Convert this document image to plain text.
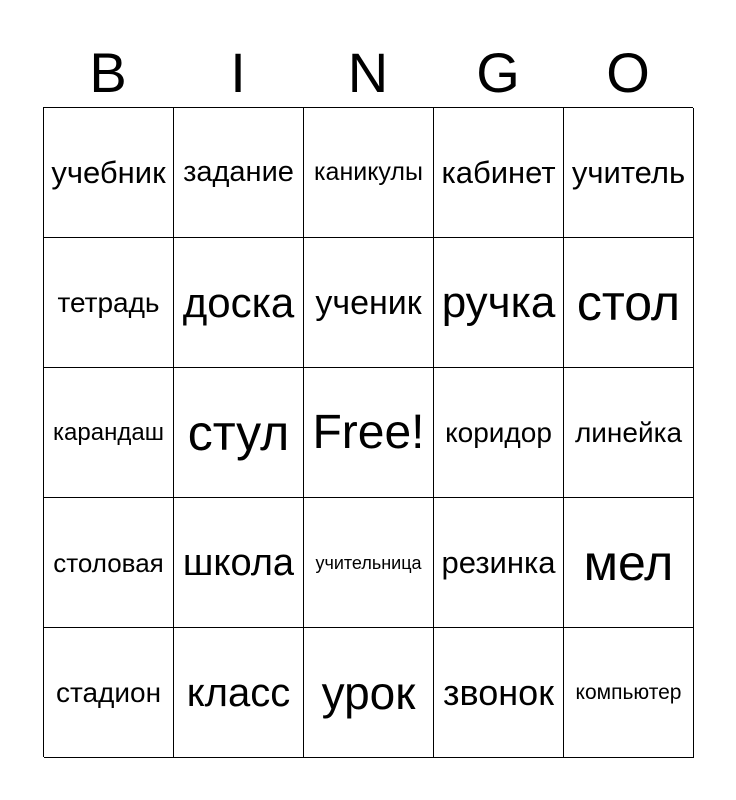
B	I	N	G	O
учебник задание каникулы кабинет учитель
тетрадь доска ученик ручка стол
карандаш стул Free! коридор линейка
столовая школа	учительница резинка мел
стадион класс урок звонок	компьютер
